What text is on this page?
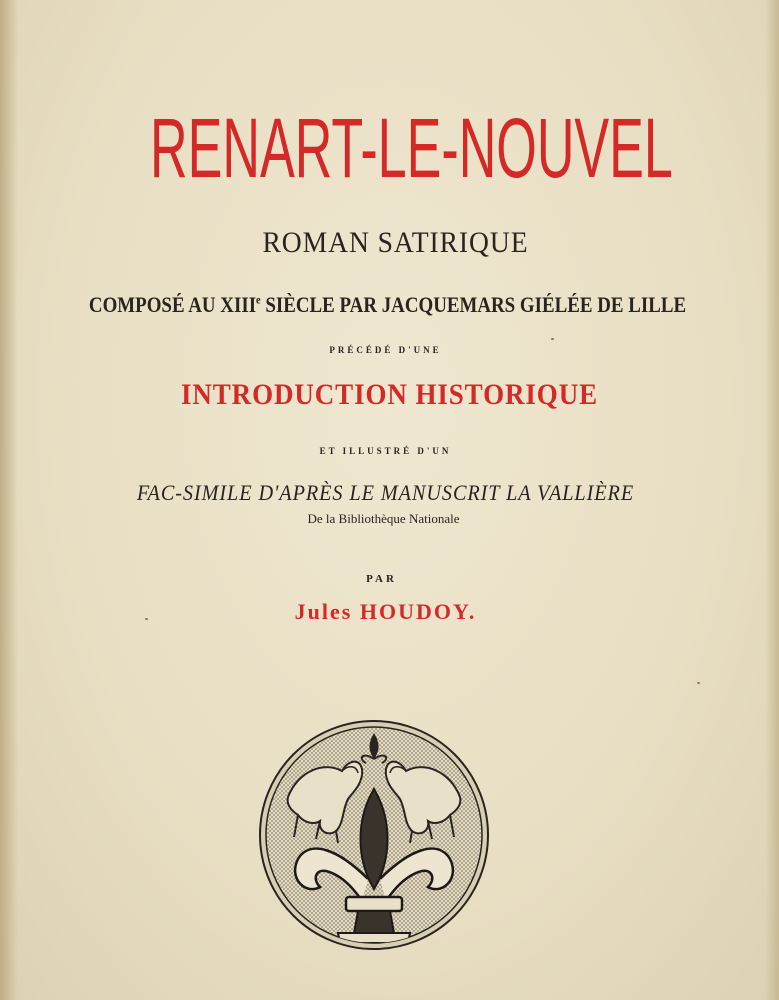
RENART-LE-NOUVEL
ROMAN SATIRIQUE
COMPOSÉ AU XIIIe SIÈCLE PAR JACQUEMARS GIÉLÉE DE LILLE
PRÉCÉDÉ D'UNE
INTRODUCTION HISTORIQUE
ET ILLUSTRÉ D'UN
FAC-SIMILE D'APRÈS LE MANUSCRIT LA VALLIÈRE
De la Bibliothèque Nationale
PAR
Jules HOUDOY.
